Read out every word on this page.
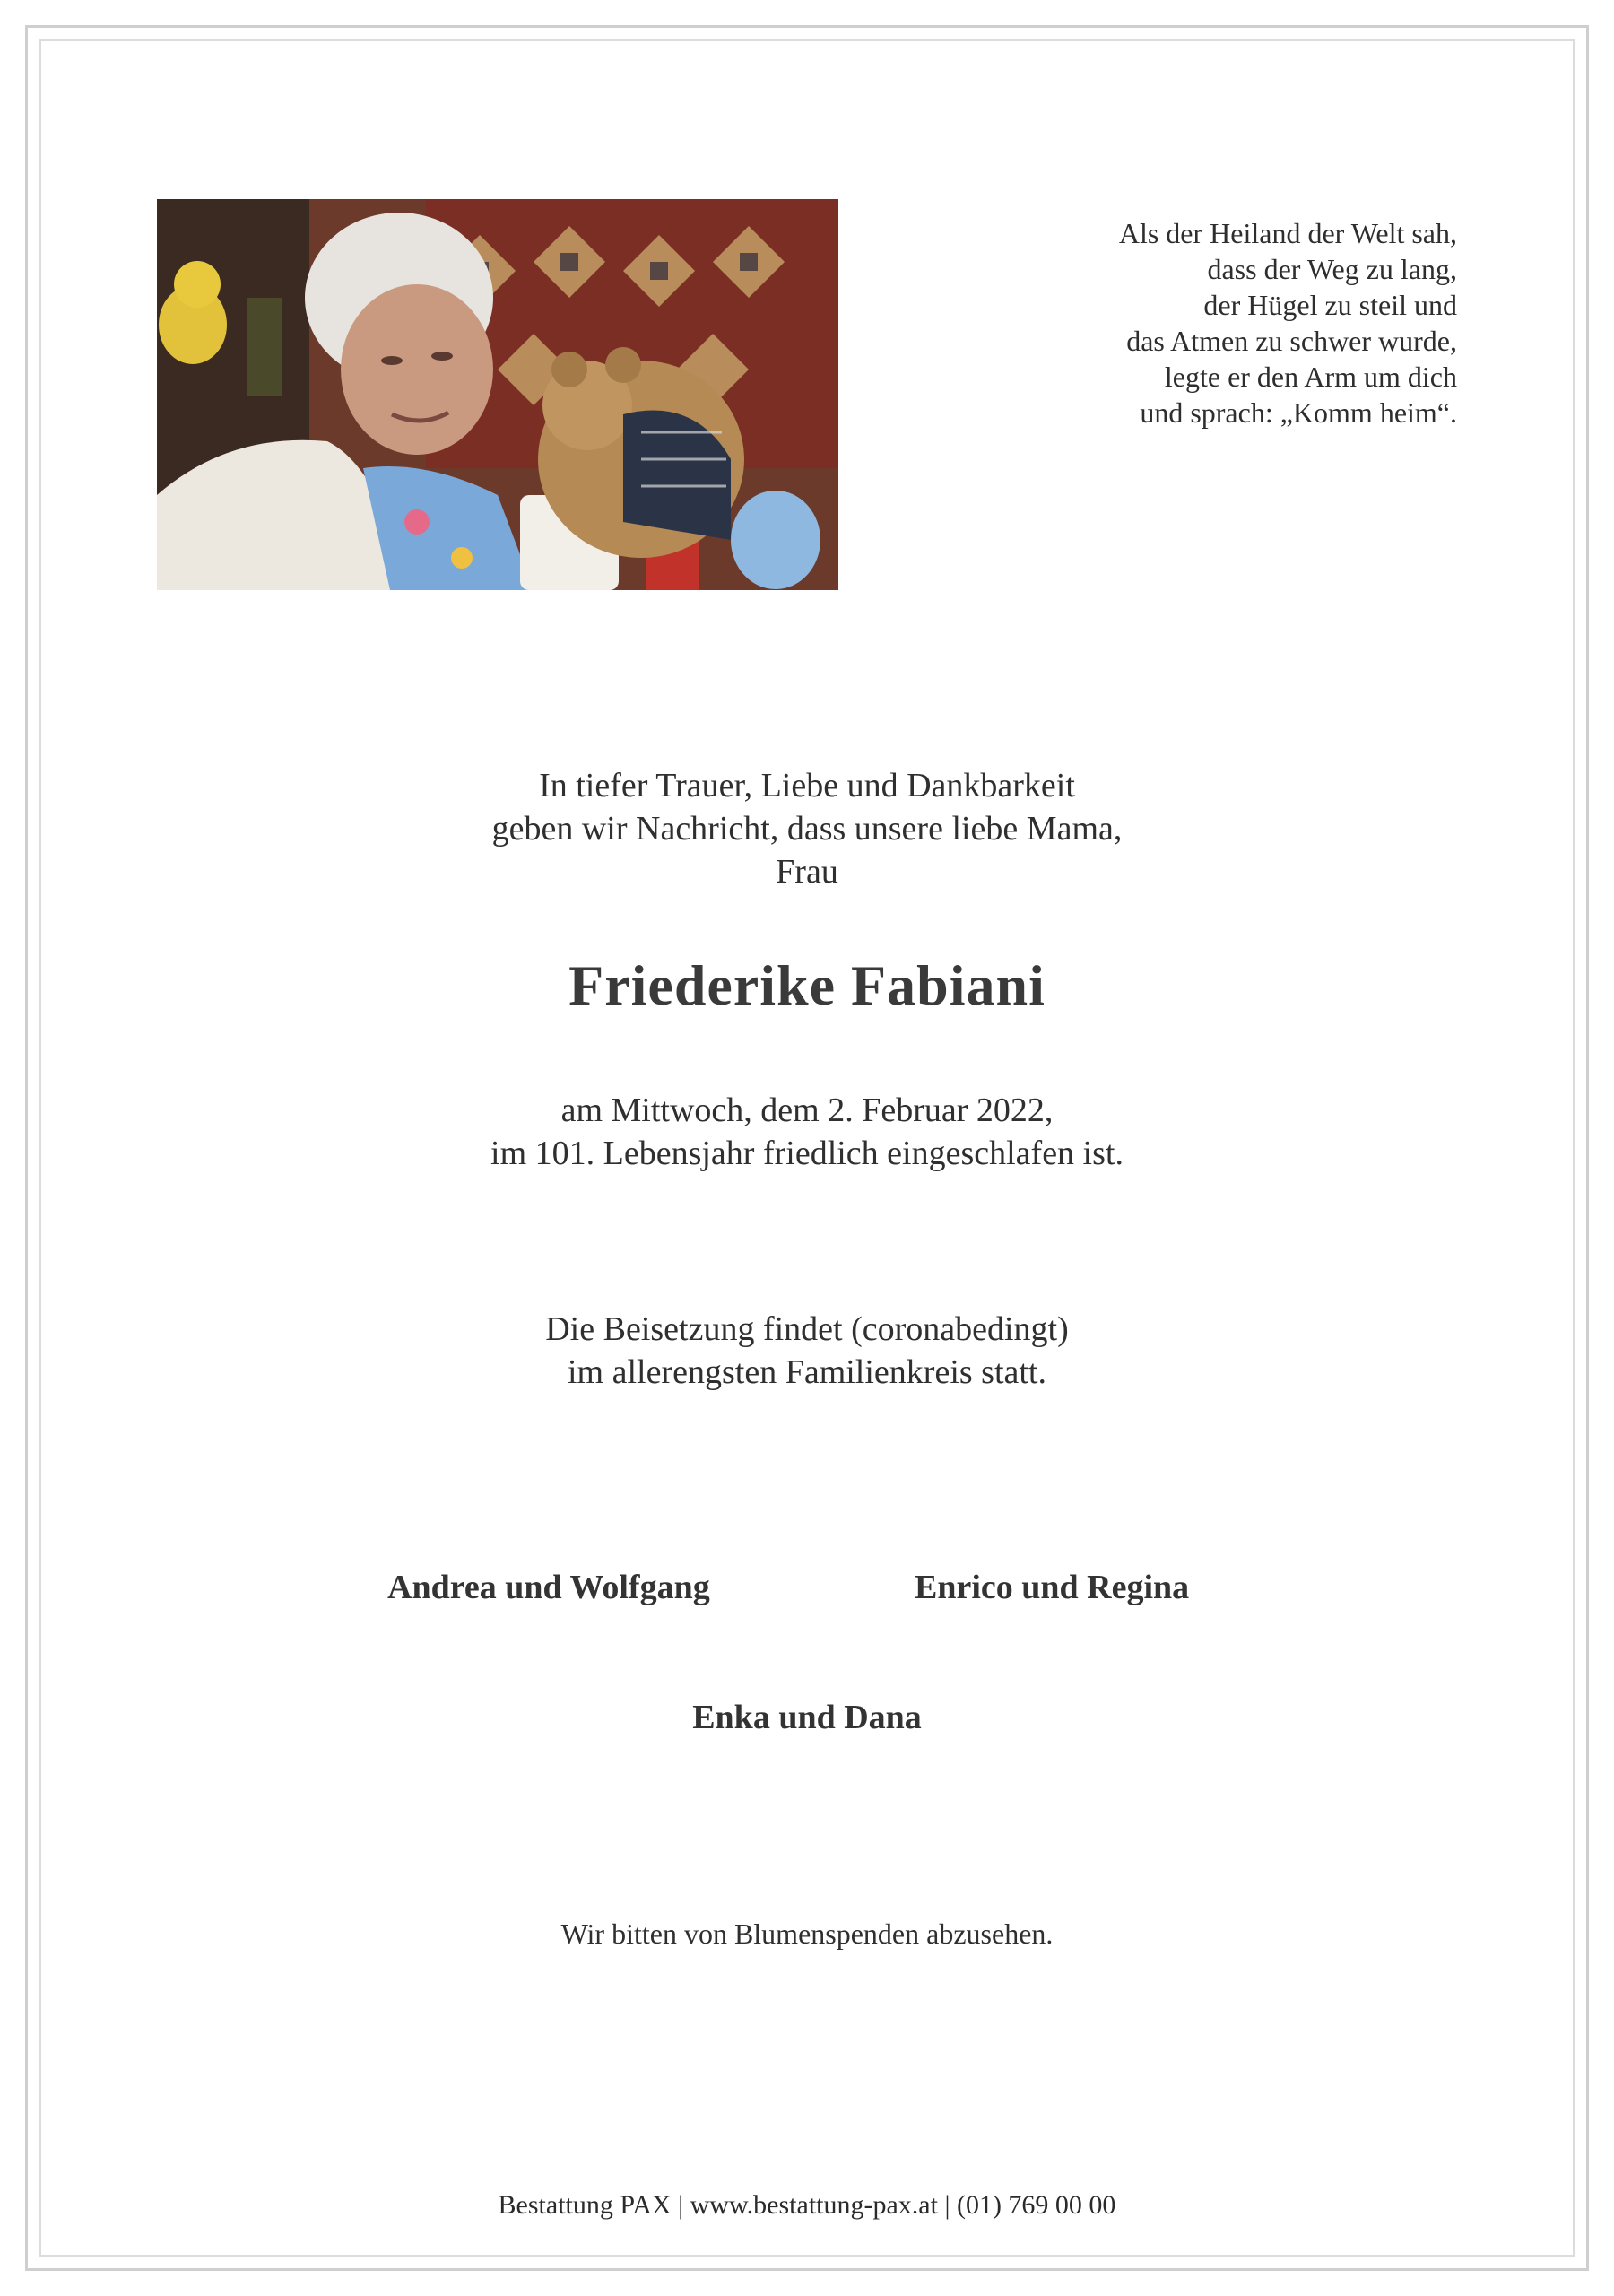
Als der Heiland der Welt sah,
dass der Weg zu lang,
der Hügel zu steil und
das Atmen zu schwer wurde,
legte er den Arm um dich
und sprach: „Komm heim“.
In tiefer Trauer, Liebe und Dankbarkeit
geben wir Nachricht, dass unsere liebe Mama,
Frau
Friederike Fabiani
am Mittwoch, dem 2. Februar 2022,
im 101. Lebensjahr friedlich eingeschlafen ist.
Die Beisetzung findet (coronabedingt)
im allerengsten Familienkreis statt.
Andrea und Wolfgang	Enrico und Regina
Enka und Dana
Wir bitten von Blumenspenden abzusehen.
Bestattung PAX | www.bestattung-pax.at | (01) 769 00 00
